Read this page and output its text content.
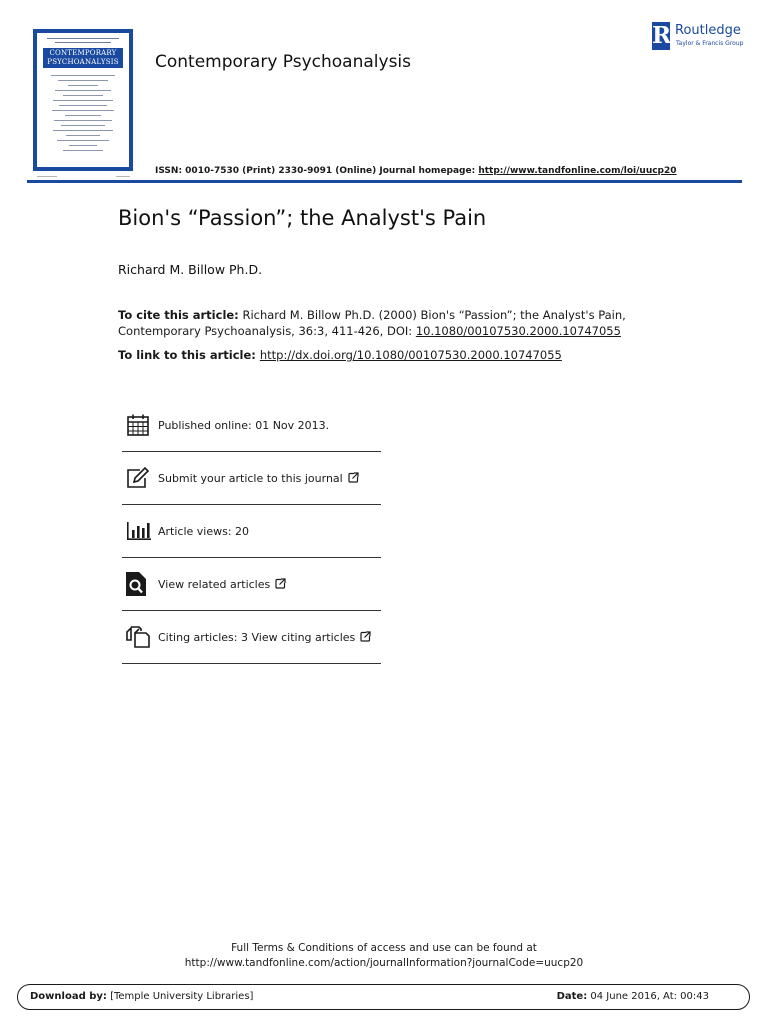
CONTEMPORARY
PSYCHOANALYSIS Contemporary Psychoanalysis
ISSN: 0010-7530 (Print) 2330-9091 (Online) Journal homepage: http://www.tandfonline.com/loi/uucp20
R Routledge
Taylor & Francis Group
Bion's “Passion”; the Analyst's Pain
Richard M. Billow Ph.D.
To cite this article: Richard M. Billow Ph.D. (2000) Bion's “Passion”; the Analyst's Pain,
Contemporary Psychoanalysis, 36:3, 411-426, DOI: 10.1080/00107530.2000.10747055
To link to this article: http://dx.doi.org/10.1080/00107530.2000.10747055
Published online: 01 Nov 2013.
Submit your article to this journal
Article views: 20
View related articles
Citing articles: 3 View citing articles
Full Terms & Conditions of access and use can be found at
http://www.tandfonline.com/action/journalInformation?journalCode=uucp20
Download by: [Temple University Libraries]	Date: 04 June 2016, At: 00:43
